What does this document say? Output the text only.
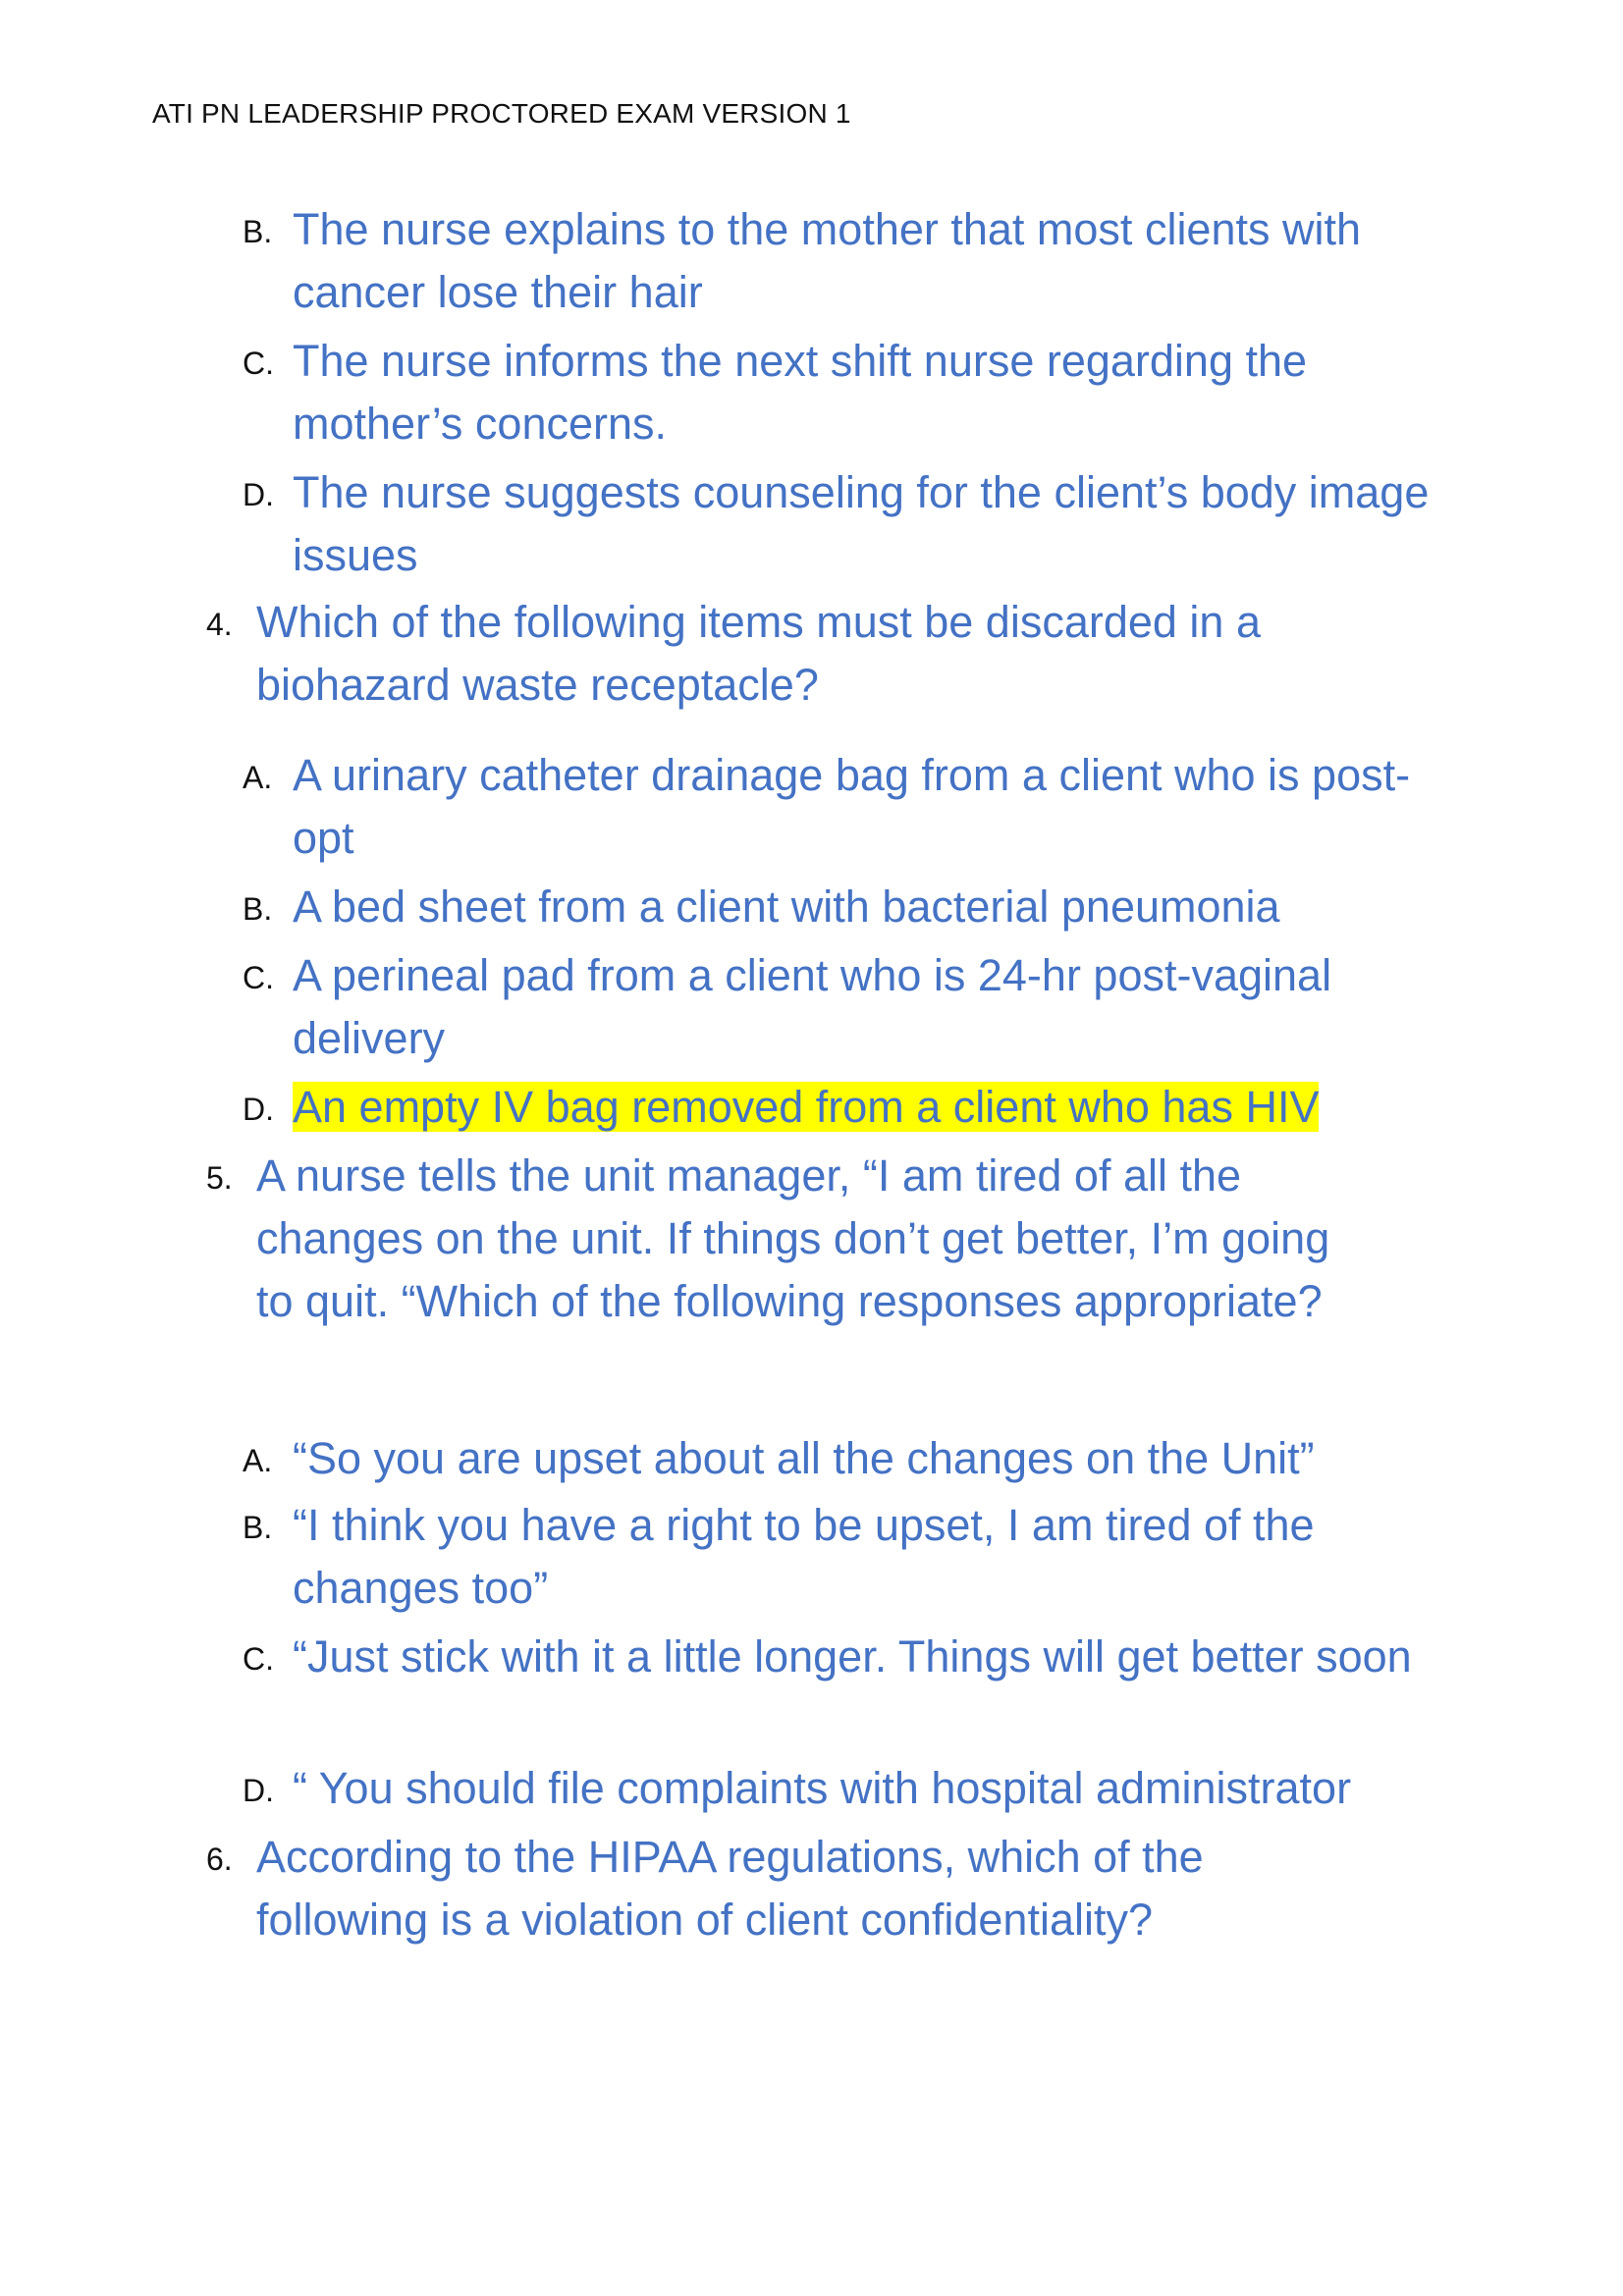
ATI PN LEADERSHIP PROCTORED EXAM VERSION 1
B. The nurse explains to the mother that most clients with cancer lose their hair
C. The nurse informs the next shift nurse regarding the mother’s concerns.
D. The nurse suggests counseling for the client’s body image issues
4. Which of the following items must be discarded in a biohazard waste receptacle?
A. A urinary catheter drainage bag from a client who is post-opt
B. A bed sheet from a client with bacterial pneumonia
C. A perineal pad from a client who is 24-hr post-vaginal delivery
D. An empty IV bag removed from a client who has HIV
5. A nurse tells the unit manager, “I am tired of all the changes on the unit. If things don’t get better, I’m going to quit. “Which of the following responses appropriate?
A. “So you are upset about all the changes on the Unit”
B. “I think you have a right to be upset, I am tired of the changes too”
C. “Just stick with it a little longer. Things will get better soon
D. “ You should file complaints with hospital administrator
6. According to the HIPAA regulations, which of the following is a violation of client confidentiality?
